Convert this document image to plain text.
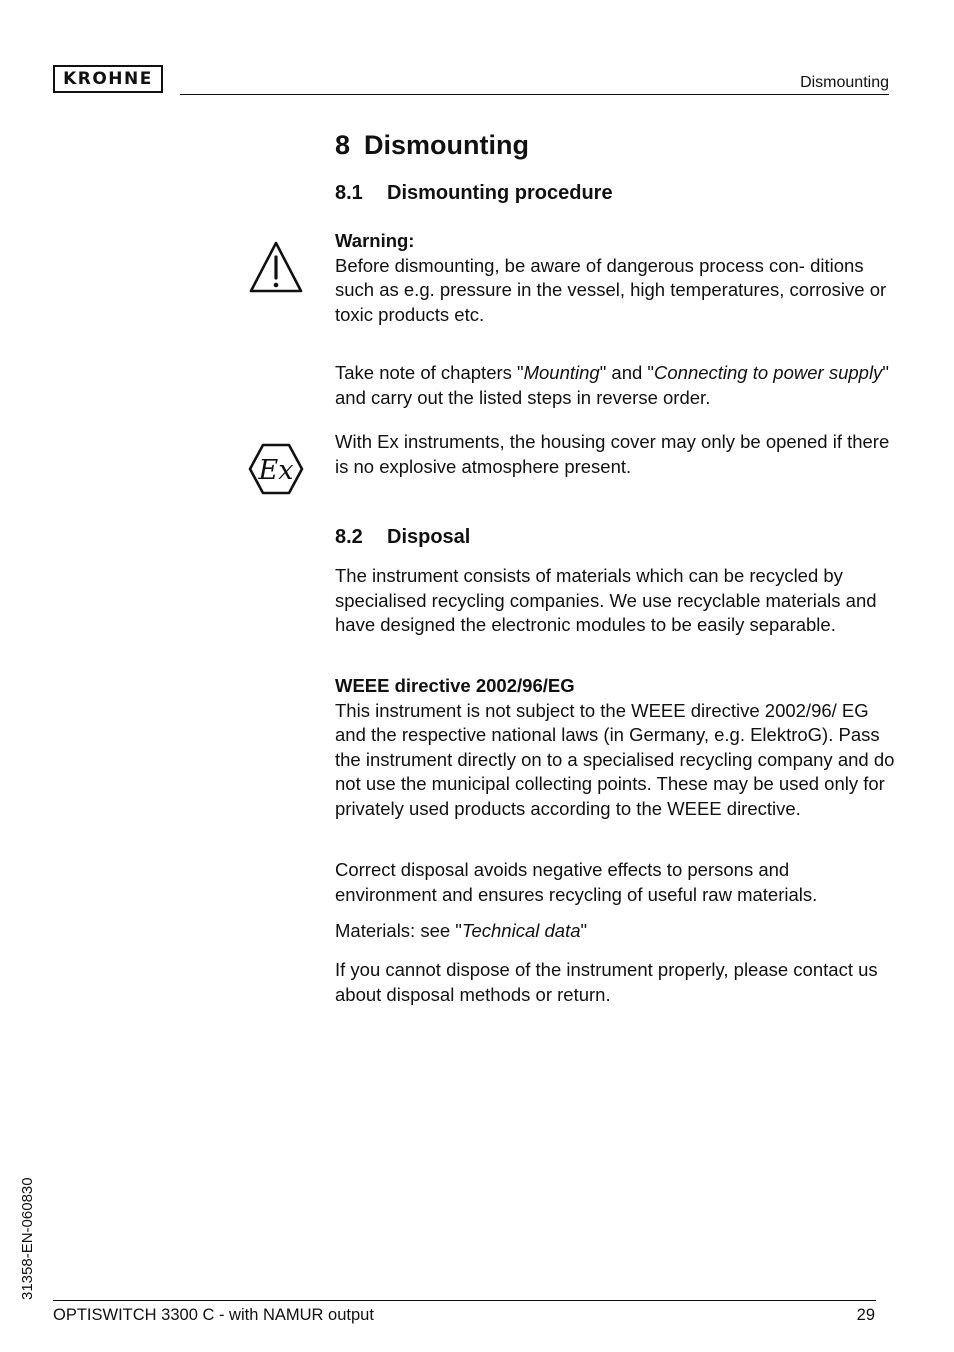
KROHNE	Dismounting
8 Dismounting
8.1 Dismounting procedure

Warning:
Before dismounting, be aware of dangerous process con- ditions such as e.g. pressure in the vessel, high temperatures, corrosive or toxic products etc.

Take note of chapters "Mounting" and "Connecting to power supply" and carry out the listed steps in reverse order.

Ex

With Ex instruments, the housing cover may only be opened if there is no explosive atmosphere present.

8.2 Disposal

The instrument consists of materials which can be recycled by specialised recycling companies. We use recyclable materials and have designed the electronic modules to be easily separable.

WEEE directive 2002/96/EG
This instrument is not subject to the WEEE directive 2002/96/ EG and the respective national laws (in Germany, e.g. ElektroG). Pass the instrument directly on to a specialised recycling company and do not use the municipal collecting points. These may be used only for privately used products according to the WEEE directive.

Correct disposal avoids negative effects to persons and environment and ensures recycling of useful raw materials.

Materials: see "Technical data"

If you cannot dispose of the instrument properly, please contact us about disposal methods or return.

31358-EN-060830
OPTISWITCH 3300 C - with NAMUR output	29
